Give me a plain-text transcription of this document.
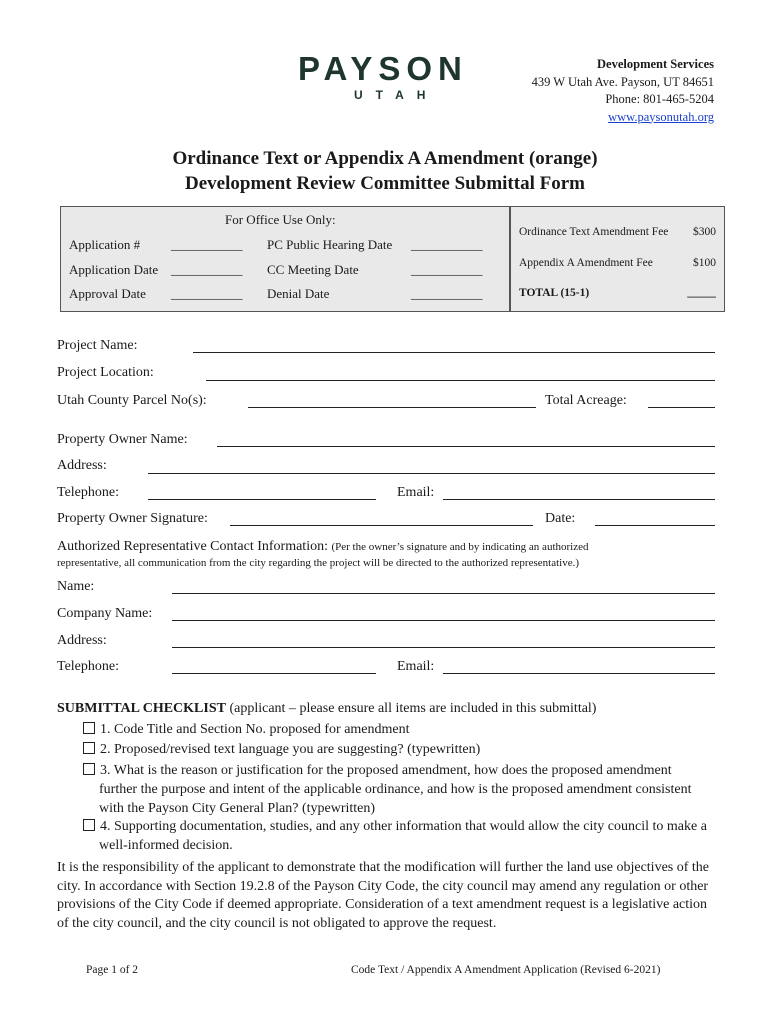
PAYSON
UTAH
Development Services
439 W Utah Ave. Payson, UT 84651
Phone: 801-465-5204
www.paysonutah.org
Ordinance Text or Appendix A Amendment (orange)
Development Review Committee Submittal Form
For Office Use Only:
Application # ___________ PC Public Hearing Date ___________
Application Date ___________ CC Meeting Date	___________
Approval Date ___________ Denial Date	___________
Ordinance Text Amendment Fee $300
Appendix A Amendment Fee	$100
TOTAL (15-1)	_____
Project Name:
Project Location:
Utah County Parcel No(s):	Total Acreage:
Property Owner Name:
Address:
Telephone:	Email:
Property Owner Signature:	Date:
Authorized Representative Contact Information: (Per the owner’s signature and by indicating an authorized
representative, all communication from the city regarding the project will be directed to the authorized representative.)
Name:
Company Name:
Address:
Telephone:	Email:
SUBMITTAL CHECKLIST (applicant – please ensure all items are included in this submittal)
1. Code Title and Section No. proposed for amendment
2. Proposed/revised text language you are suggesting? (typewritten)
3. What is the reason or justification for the proposed amendment, how does the proposed amendment further the purpose and intent of the applicable ordinance, and how is the proposed amendment consistent with the Payson City General Plan? (typewritten)
4. Supporting documentation, studies, and any other information that would allow the city council to make a well-informed decision.
It is the responsibility of the applicant to demonstrate that the modification will further the land use objectives of the city. In accordance with Section 19.2.8 of the Payson City Code, the city council may amend any regulation or other provisions of the City Code if deemed appropriate. Consideration of a text amendment request is a legislative action of the city council, and the city council is not obligated to approve the request.
Page 1 of 2	Code Text / Appendix A Amendment Application (Revised 6-2021)
